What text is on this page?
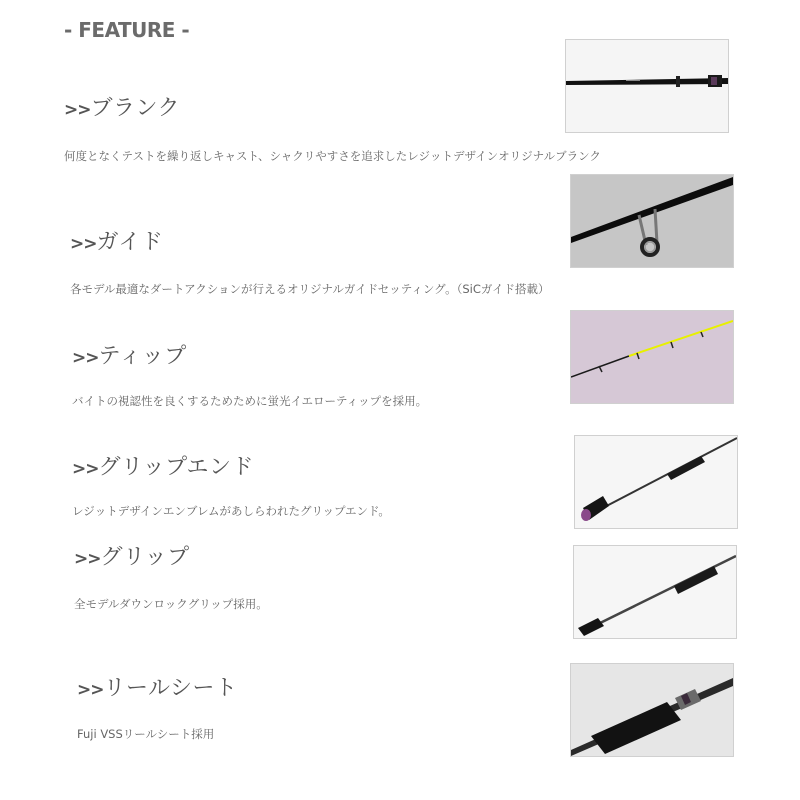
- FEATURE -
>>ブランク
何度となくテストを繰り返しキャスト、シャクリやすさを追求したレジットデザインオリジナルブランク
>>ガイド
各モデル最適なダートアクションが行えるオリジナルガイドセッティング。（SiCガイド搭載）
>>ティップ
バイトの視認性を良くするためために蛍光イエローティップを採用。
>>グリップエンド
レジットデザインエンブレムがあしらわれたグリップエンド。
>>グリップ
全モデルダウンロックグリップ採用。
>>リールシート
Fuji VSSリールシート採用
